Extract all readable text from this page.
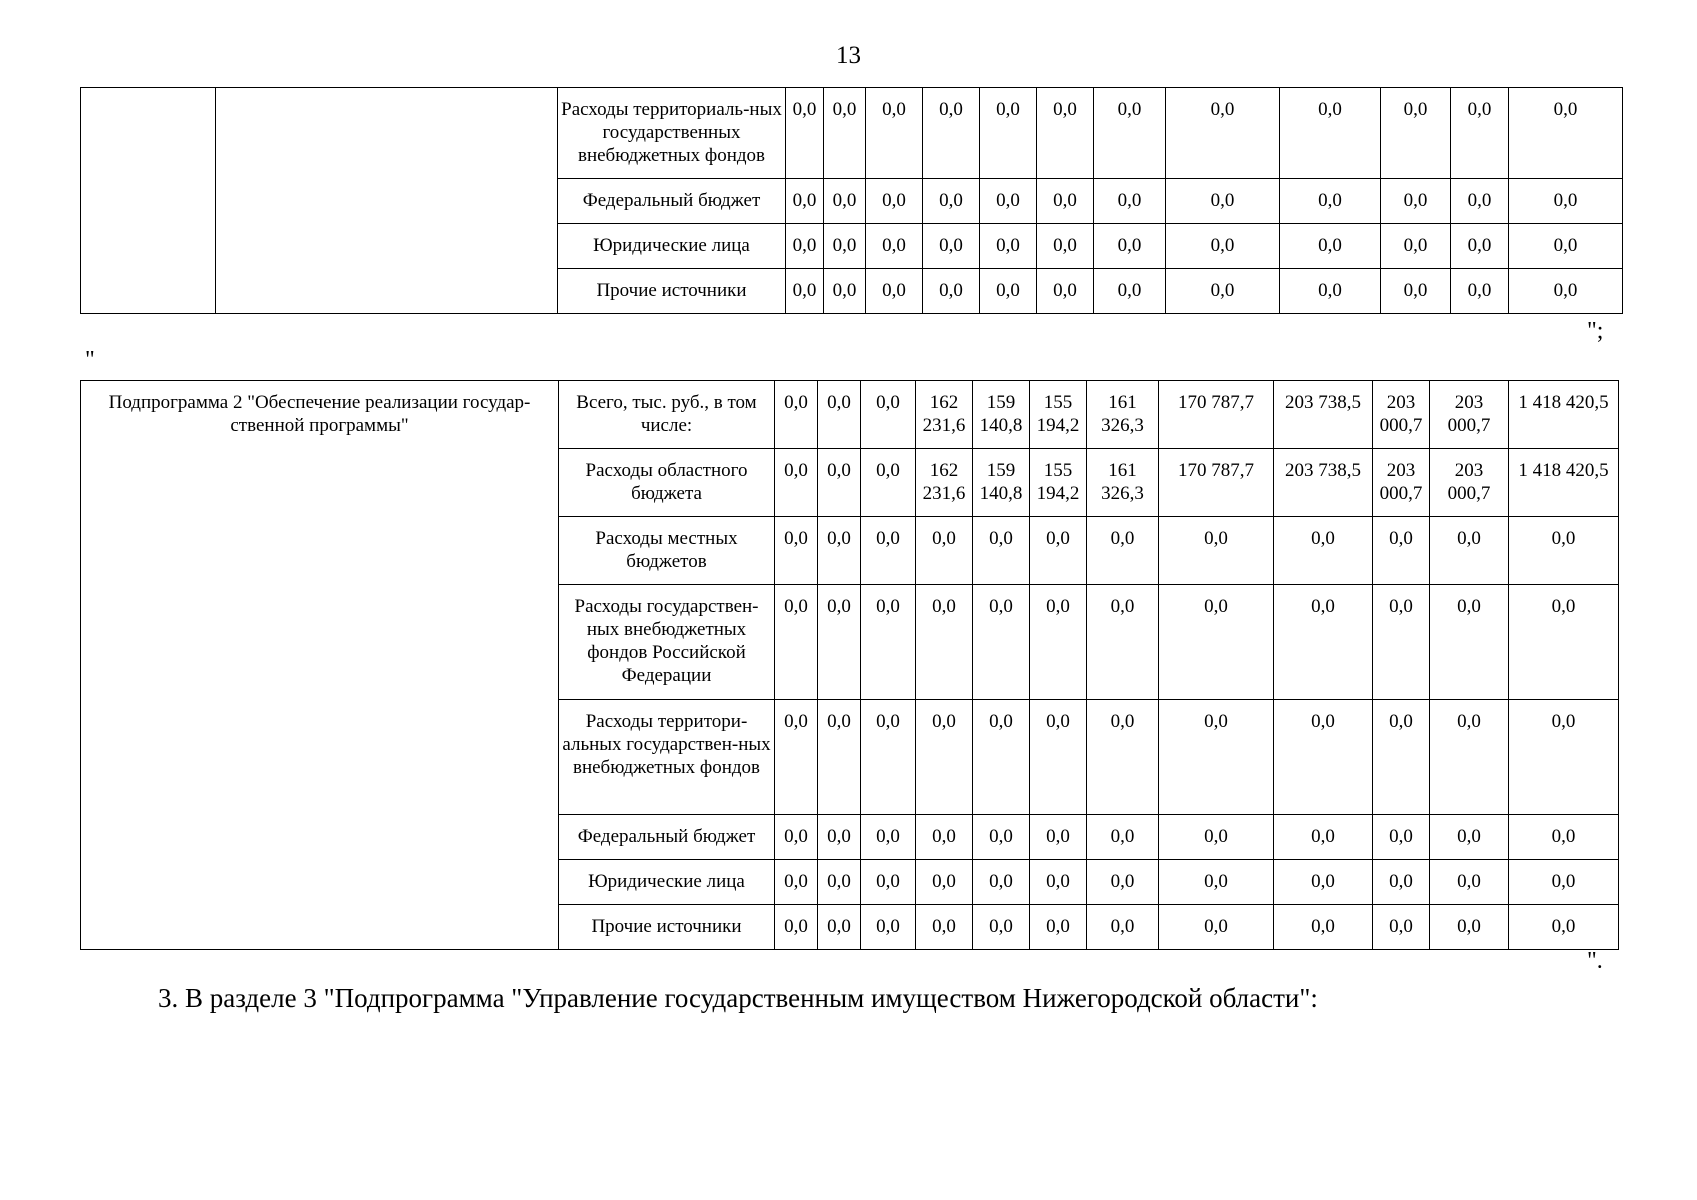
13
		Расходы территориаль-ных государственных внебюджетных фондов	0,0	0,0	0,0	0,0	0,0	0,0	0,0	0,0	0,0	0,0	0,0	0,0
		Федеральный бюджет	0,0	0,0	0,0	0,0	0,0	0,0	0,0	0,0	0,0	0,0	0,0	0,0
		Юридические лица	0,0	0,0	0,0	0,0	0,0	0,0	0,0	0,0	0,0	0,0	0,0	0,0
		Прочие источники	0,0	0,0	0,0	0,0	0,0	0,0	0,0	0,0	0,0	0,0	0,0	0,0
";
"
Подпрограмма 2 "Обеспечение реализации государ-ственной программы"	Всего, тыс. руб., в том числе:	0,0	0,0	0,0	162 231,6	159 140,8	155 194,2	161 326,3	170 787,7	203 738,5	203 000,7	203 000,7	1 418 420,5
	Расходы областного бюджета	0,0	0,0	0,0	162 231,6	159 140,8	155 194,2	161 326,3	170 787,7	203 738,5	203 000,7	203 000,7	1 418 420,5
	Расходы местных бюджетов	0,0	0,0	0,0	0,0	0,0	0,0	0,0	0,0	0,0	0,0	0,0	0,0
	Расходы государствен-ных внебюджетных фондов Российской Федерации	0,0	0,0	0,0	0,0	0,0	0,0	0,0	0,0	0,0	0,0	0,0	0,0
	Расходы территори-альных государствен-ных внебюджетных фондов	0,0	0,0	0,0	0,0	0,0	0,0	0,0	0,0	0,0	0,0	0,0	0,0
	Федеральный бюджет	0,0	0,0	0,0	0,0	0,0	0,0	0,0	0,0	0,0	0,0	0,0	0,0
	Юридические лица	0,0	0,0	0,0	0,0	0,0	0,0	0,0	0,0	0,0	0,0	0,0	0,0
	Прочие источники	0,0	0,0	0,0	0,0	0,0	0,0	0,0	0,0	0,0	0,0	0,0	0,0
".
3. В разделе 3 "Подпрограмма "Управление государственным имуществом Нижегородской области":
